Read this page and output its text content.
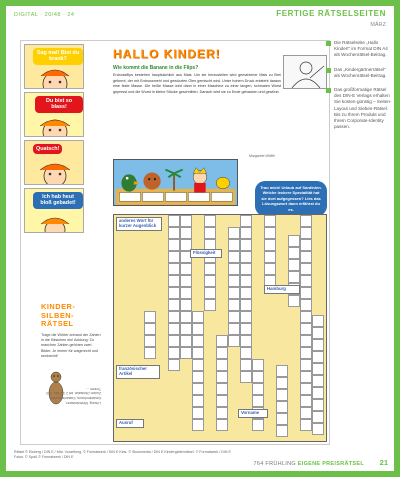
DIGITAL · 20/48 · 24	FERTIGE RÄTSELSEITEN
MÄRZ
Sag mal! Bist du krank?
Du bist so blass!
Quatsch!
Ich hab heut bloß gebadet!
HALLO KINDER!
Wie kommt die Banane in die Flips?
Erdnussflips bestehen hauptsächlich aus Mais. Um sie herzustellen wird gemahlener Mais zu Brei geformt, der mit Erdnussmehl und gewürzten Ölen gemischt wird. Unter hohem Druck entsteht daraus eine feste Masse. Die heiße Masse wird dann in einer Maschine zu einer langen, schmalen Wurst gepresst und die Wurst in kleine Stücke geschnitten. Danach wird sie zu Ende gebacken und gewürzt.
Margarete Wölfel
Trau mich! Urlaub auf Sardinien. Welche leckere Spezialität hat sie dort aufgegessen? Lies das Lösungswort dann erfährst du es.
anderes Wort für kurzer Augenblick
Flüssigkeit
Hamburg
französischer Artikel
Vorname
Ausruf
KINDER-SILBEN-RÄTSEL
Trage die Wörter anhand der Zahlen in die Kästchen ein! Achtung: Zu manchen Zahlen gehören zwei Bilder. Je immer für wagerecht und senkrecht!
Lösung: Mineralwasser, Kastanienbaum, Kastanienzucker, Zucker-Obstsalat, bei 2 1/2 Mio. 120 Tonnen ...
Die Rätselseite „Hallo Kinder!“ im Format DIN A4 als Wochenrätsel-Beitrag.
Das „Kindergärtnerrätsel“ als Wochenrätsel-Beitrag.
Das großformatige Rätsel des DIN-E Verlags erhalten Sie kosten-günstig – Seiten-Layout und Sieben-Rätsel. Bis zu Ihrem Produkt und Ihrem Corporate-Identity passen.
Rätsel © Eisberg / DIN E / Mat. Vorarlberg. © Formatwerk / DIN E Kids. © Stockmedia / DIN E Kindergärtenrätsel. © Formatwerk / DIN E Fotos. © Spaß © Formatwerk / DIN E
764 FRÜHLING EIGENE PREISRÄTSEL 21
